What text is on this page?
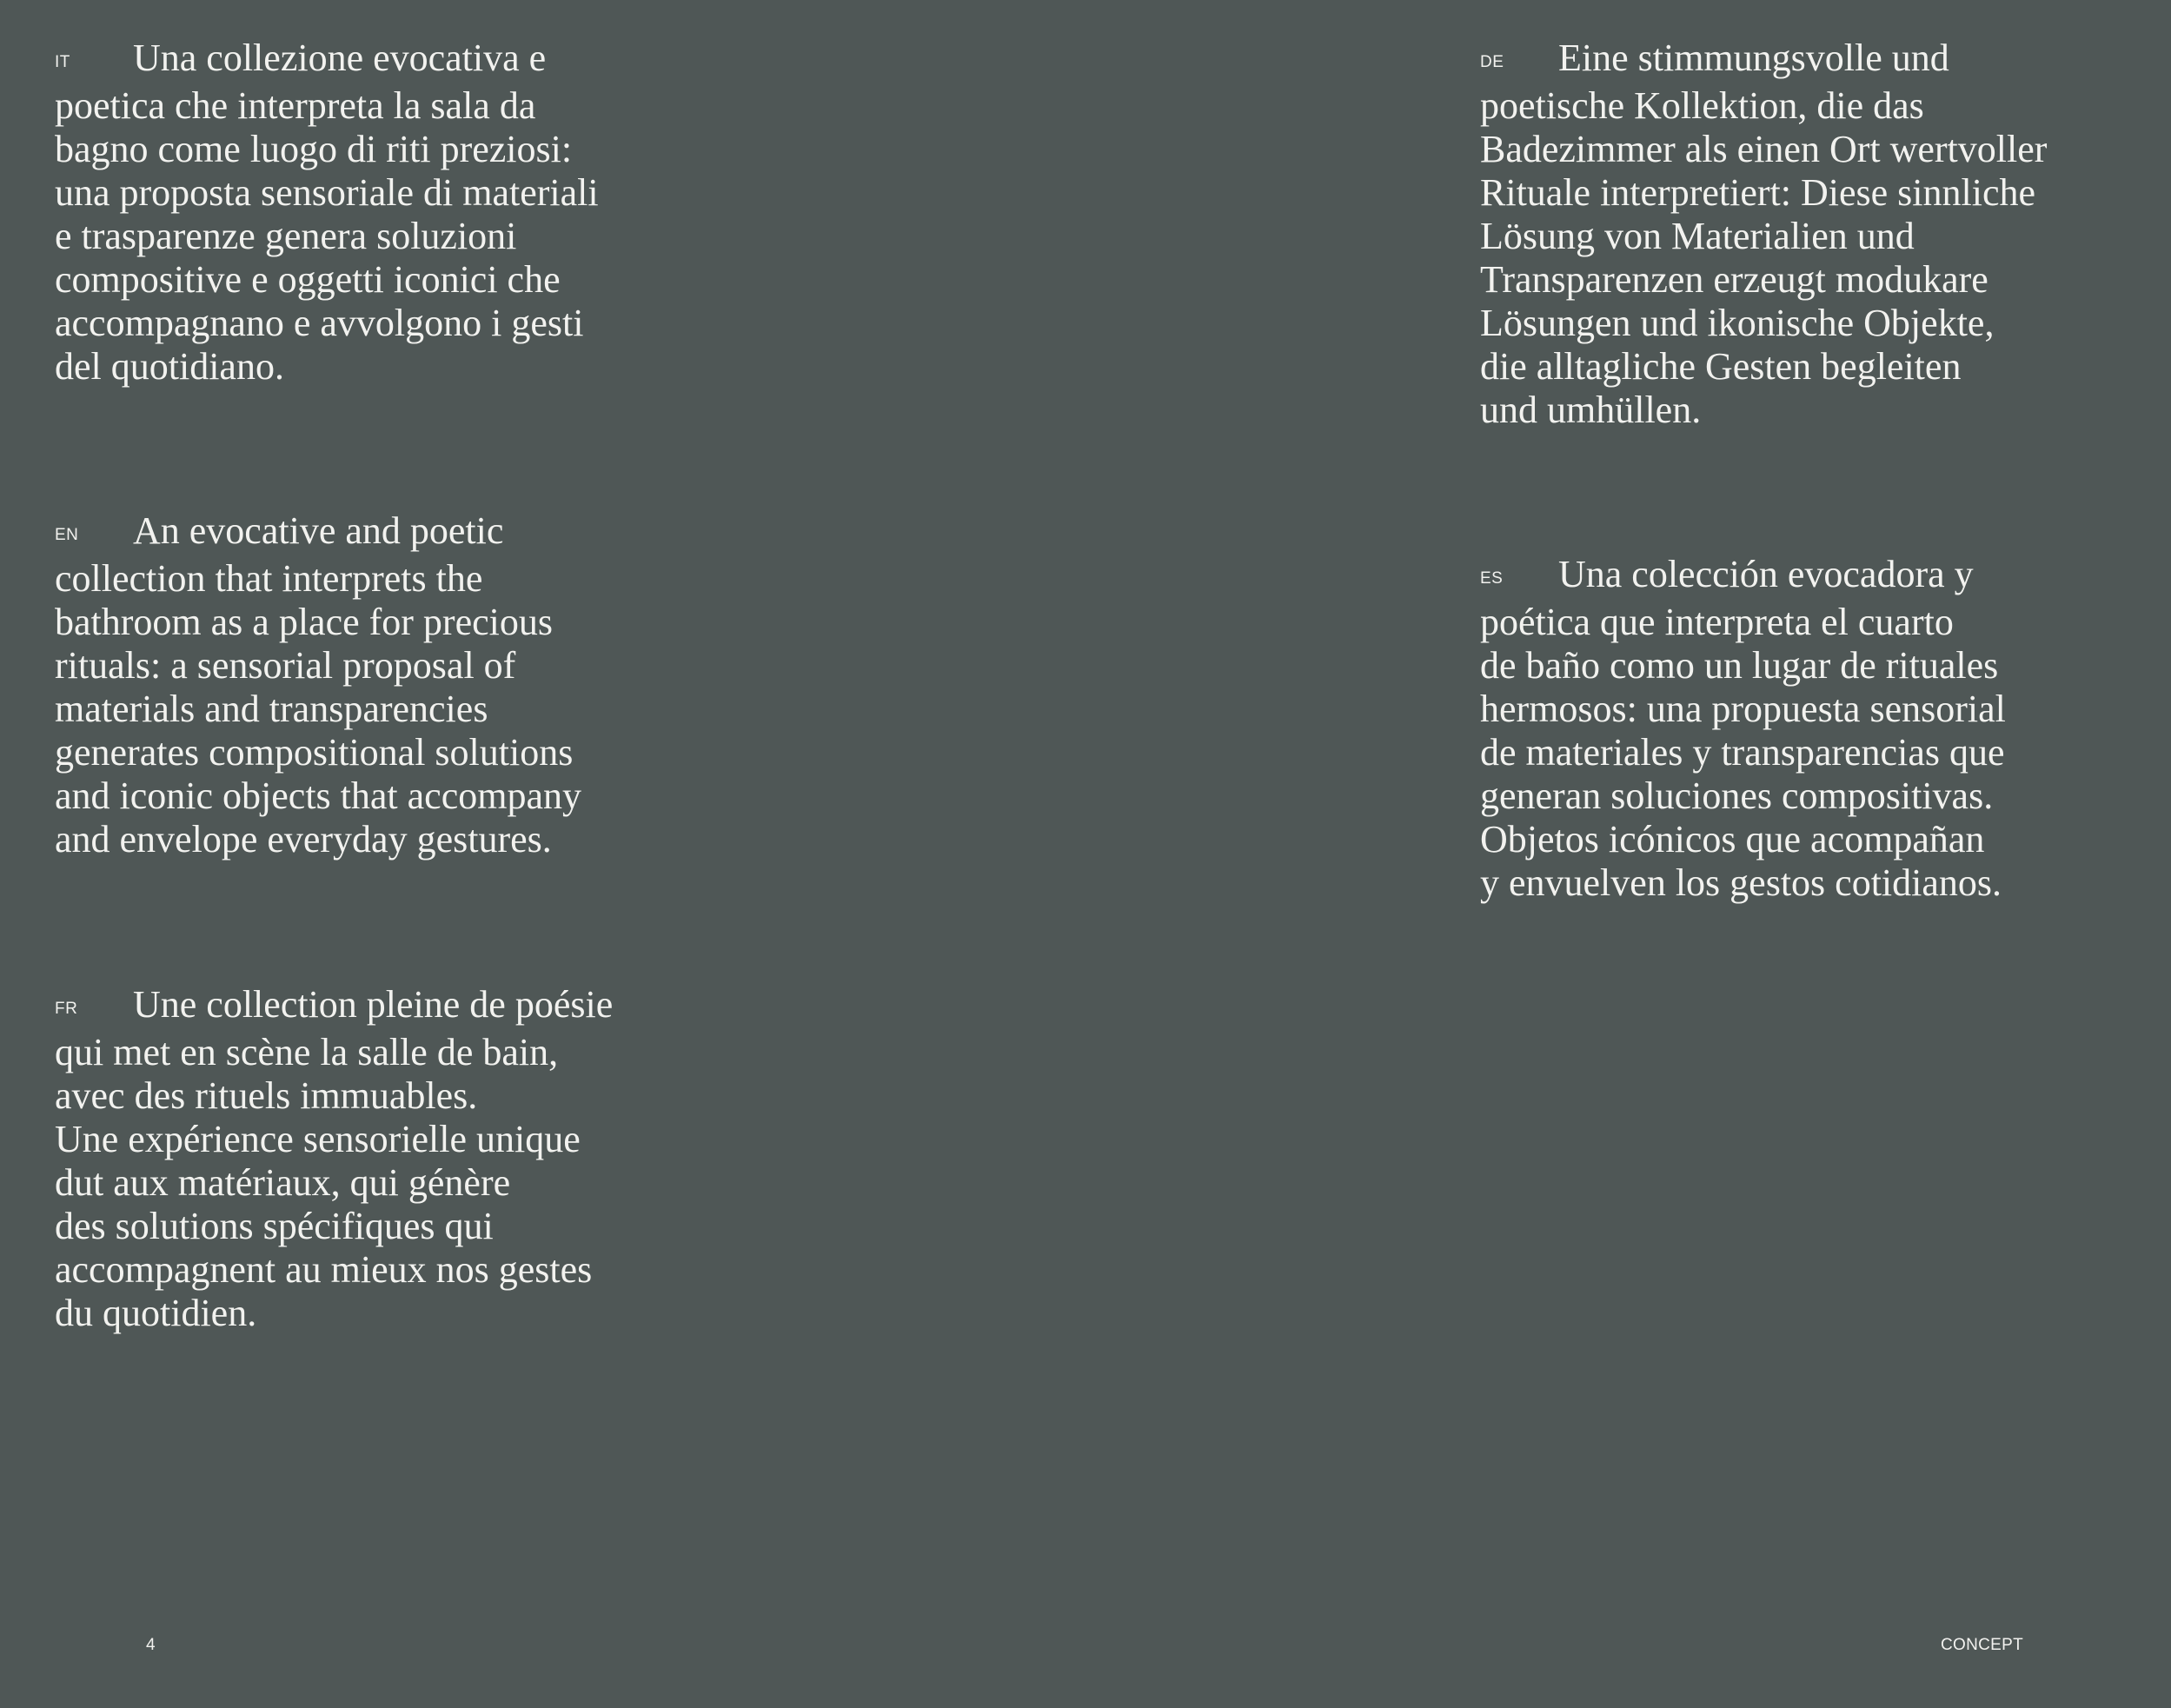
IT Una collezione evocativa e
poetica che interpreta la sala da
bagno come luogo di riti preziosi:
una proposta sensoriale di materiali
e trasparenze genera soluzioni
compositive e oggetti iconici che
accompagnano e avvolgono i gesti
del quotidiano.

EN An evocative and poetic
collection that interprets the
bathroom as a place for precious
rituals: a sensorial proposal of
materials and transparencies
generates compositional solutions
and iconic objects that accompany
and envelope everyday gestures.

FR Une collection pleine de poésie
qui met en scène la salle de bain,
avec des rituels immuables.
Une expérience sensorielle unique
dut aux matériaux, qui génère
des solutions spécifiques qui
accompagnent au mieux nos gestes
du quotidien.

DE Eine stimmungsvolle und
poetische Kollektion, die das
Badezimmer als einen Ort wertvoller
Rituale interpretiert: Diese sinnliche
Lösung von Materialien und
Transparenzen erzeugt modukare
Lösungen und ikonische Objekte,
die alltagliche Gesten begleiten
und umhüllen.

ES Una colección evocadora y
poética que interpreta el cuarto
de baño como un lugar de rituales
hermosos: una propuesta sensorial
de materiales y transparencias que
generan soluciones compositivas.
Objetos icónicos que acompañan
y envuelven los gestos cotidianos.

4	CONCEPT
